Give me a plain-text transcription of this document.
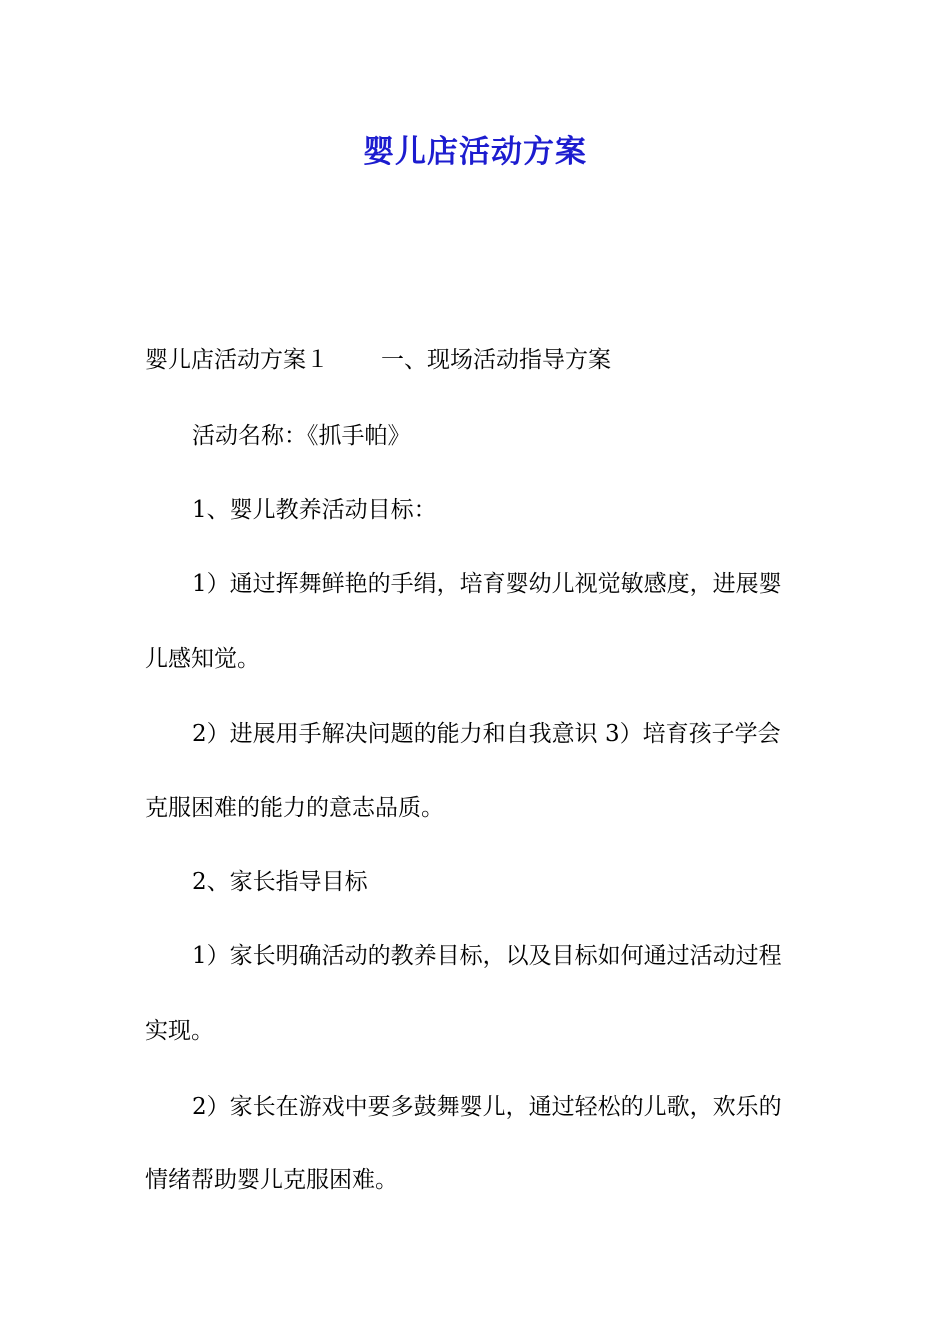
婴儿店活动方案
婴儿店活动方案１ 一、现场活动指导方案
活动名称：《抓手帕》
1、婴儿教养活动目标：
1）通过挥舞鲜艳的手绢，培育婴幼儿视觉敏感度，进展婴
儿感知觉。
2）进展用手解决问题的能力和自我意识 3）培育孩子学会
克服困难的能力的意志品质。
2、家长指导目标
1）家长明确活动的教养目标，以及目标如何通过活动过程
实现。
2）家长在游戏中要多鼓舞婴儿，通过轻松的儿歌，欢乐的
情绪帮助婴儿克服困难。
